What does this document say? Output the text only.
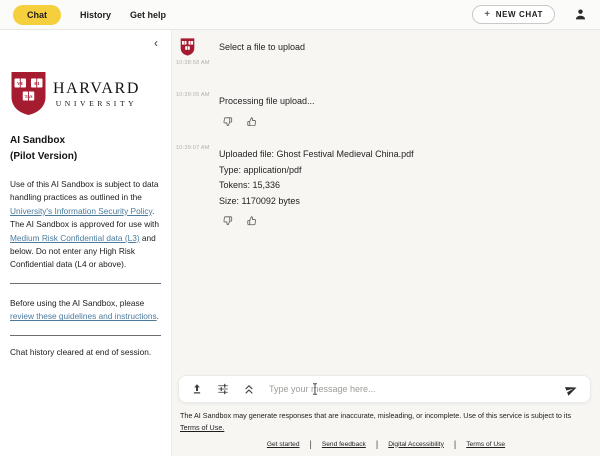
Chat	History Get help	+ NEW CHAT
‹
VE RI
TAS HARVARD
UNIVERSITY
AI Sandbox
(Pilot Version)
Use of this AI Sandbox is subject to data handling practices as outlined in the University's Information Security Policy. The AI Sandbox is approved for use with Medium Risk Confidential data (L3) and below. Do not enter any High Risk Confidential data (L4 or above).
Before using the AI Sandbox, please review these guidelines and instructions.
Chat history cleared at end of session.
10:38:58 AM
Select a file to upload
10:39:05 AM
Processing file upload...
10:39:07 AM
Uploaded file: Ghost Festival Medieval China.pdf
Type: application/pdf
Tokens: 15,336
Size: 1170092 bytes
Type your message here...
The AI Sandbox may generate responses that are inaccurate, misleading, or incomplete. Use of this service is subject to its
Terms of Use.
Get started | Send feedback | Digital Accessibility | Terms of Use
